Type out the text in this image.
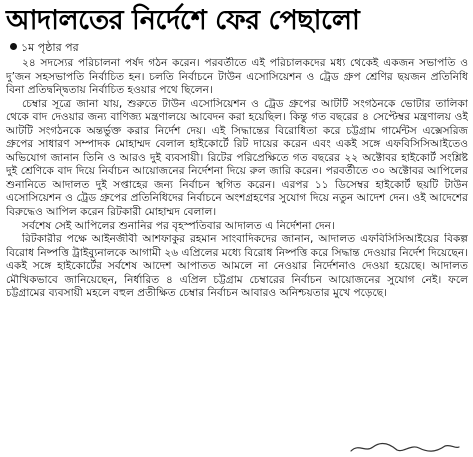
আদালতের নির্দেশে ফের পেছালো
১ম পৃষ্ঠার পর

২৪ সদস্যের পরিচালনা পর্ষদ গঠন করেন। পরবর্তীতে এই পরিচালকদের মধ্য থেকেই একজন সভাপতি ও দু’জন সহসভাপতি নির্বাচিত হন। চলতি নির্বাচনে টাউন এসোসিয়েশন ও ট্রেড গ্রুপ শ্রেণির ছয়জন প্রতিনিধি বিনা প্রতিদ্বন্দ্বিতায় নির্বাচিত হওয়ার পথে ছিলেন।

চেম্বার সূত্রে জানা যায়, শুরুতে টাউন এসোসিয়েশন ও ট্রেড গ্রুপের আটটি সংগঠনকে ভোটার তালিকা থেকে বাদ দেওয়ার জন্য বাণিজ্য মন্ত্রণালয়ে আবেদন করা হয়েছিল। কিন্তু গত বছরের ৪ সেপ্টেম্বর মন্ত্রণালয় ওই আটটি সংগঠনকে অন্তর্ভুক্ত করার নির্দেশ দেয়। এই সিদ্ধান্তের বিরোধিতা করে চট্টগ্রাম গার্মেন্টস এক্সেসরিজ গ্রুপের সাধারণ সম্পাদক মোহাম্মদ বেলাল হাইকোর্টে রিট দায়ের করেন এবং একই সঙ্গে এফবিসিসিআইতেও অভিযোগ জানান তিনি ও আরও দুই ব্যবসায়ী। রিটের পরিপ্রেক্ষিতে গত বছরের ২২ অক্টোবর হাইকোর্ট সংশ্লিষ্ট দুই শ্রেণিকে বাদ দিয়ে নির্বাচন আয়োজনের নির্দেশনা দিয়ে রুল জারি করেন। পরবর্তীতে ৩০ অক্টোবর আপিলের শুনানিতে আদালত দুই সপ্তাহের জন্য নির্বাচন স্থগিত করেন। এরপর ১১ ডিসেম্বর হাইকোর্ট ছয়টি টাউন এসোসিয়েশন ও ট্রেড গ্রুপের প্রতিনিধিদের নির্বাচনে অংশগ্রহণের সুযোগ দিয়ে নতুন আদেশ দেন। ওই আদেশের বিরুদ্ধেও আপিল করেন রিটকারী মোহাম্মদ বেলাল।

সর্বশেষ সেই আপিলের শুনানির পর বৃহস্পতিবার আদালত এ নির্দেশনা দেন।

রিটকারীর পক্ষে আইনজীবী আশফাকুর রহমান সাংবাদিকদের জানান, আদালত এফবিসিসিআইয়ের বিকল্প বিরোধ নিষ্পত্তি ট্রাইব্যুনালকে আগামী ২৬ এপ্রিলের মধ্যে বিরোধ নিষ্পত্তি করে সিদ্ধান্ত দেওয়ার নির্দেশ দিয়েছেন। একই সঙ্গে হাইকোর্টের সর্বশেষ আদেশ আপাতত আমলে না নেওয়ার নির্দেশনাও দেওয়া হয়েছে। আদালত মৌখিকভাবে জানিয়েছেন, নির্ধারিত ৪ এপ্রিল চট্টগ্রাম চেম্বারের নির্বাচন আয়োজনের সুযোগ নেই। ফলে চট্টগ্রামের ব্যবসায়ী মহলে বহুল প্রতীক্ষিত চেম্বার নির্বাচন আবারও অনিশ্চয়তার মুখে পড়েছে।
